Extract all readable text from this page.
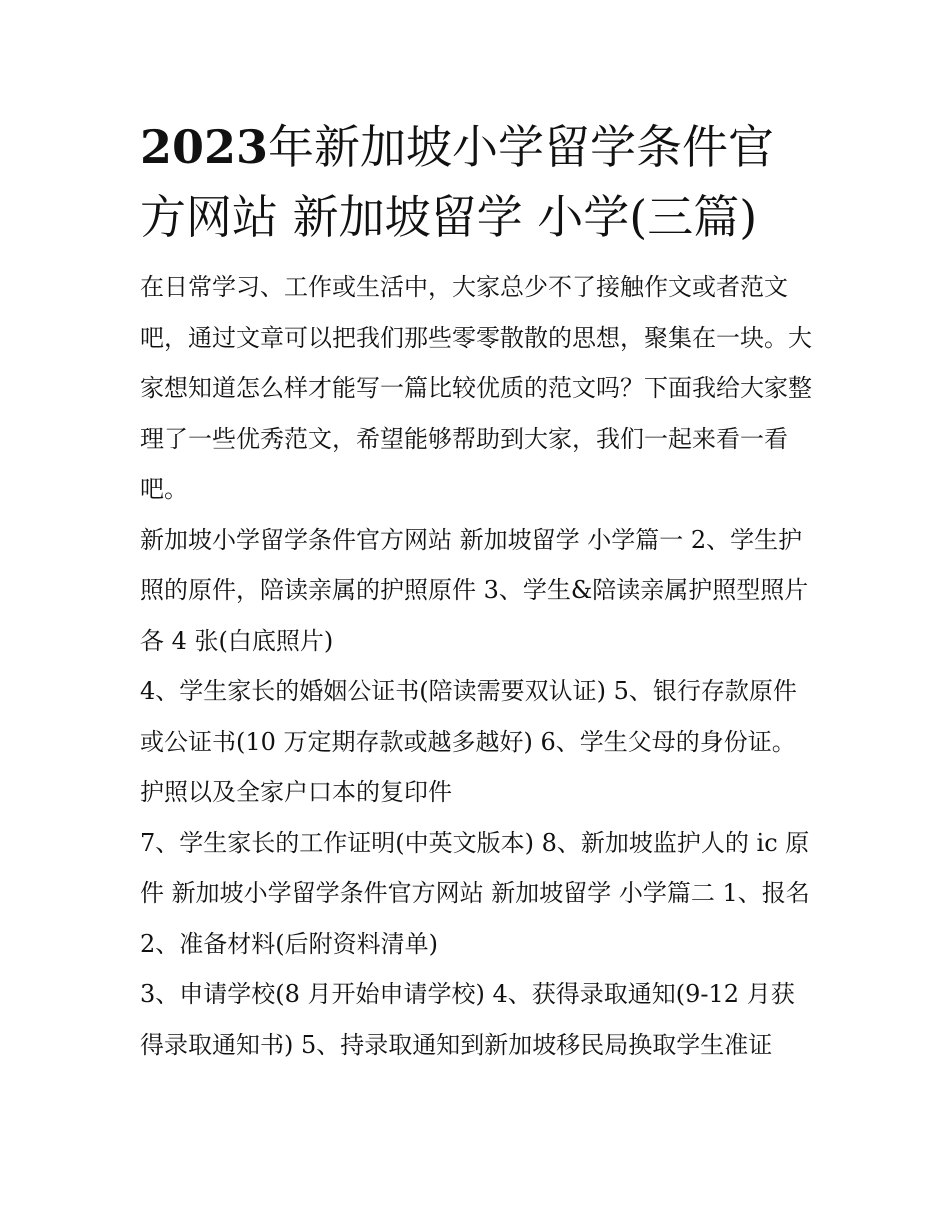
2023年新加坡小学留学条件官方网站 新加坡留学 小学(三篇)

在日常学习、工作或生活中，大家总少不了接触作文或者范文吧，通过文章可以把我们那些零零散散的思想，聚集在一块。大家想知道怎么样才能写一篇比较优质的范文吗？下面我给大家整理了一些优秀范文，希望能够帮助到大家，我们一起来看一看吧。

新加坡小学留学条件官方网站 新加坡留学 小学篇一 2、学生护照的原件，陪读亲属的护照原件 3、学生&陪读亲属护照型照片各 4 张(白底照片)

4、学生家长的婚姻公证书(陪读需要双认证) 5、银行存款原件或公证书(10 万定期存款或越多越好) 6、学生父母的身份证。护照以及全家户口本的复印件

7、学生家长的工作证明(中英文版本) 8、新加坡监护人的 ic 原件 新加坡小学留学条件官方网站 新加坡留学 小学篇二 1、报名 2、准备材料(后附资料清单)

3、申请学校(8 月开始申请学校) 4、获得录取通知(9-12 月获得录取通知书) 5、持录取通知到新加坡移民局换取学生准证
